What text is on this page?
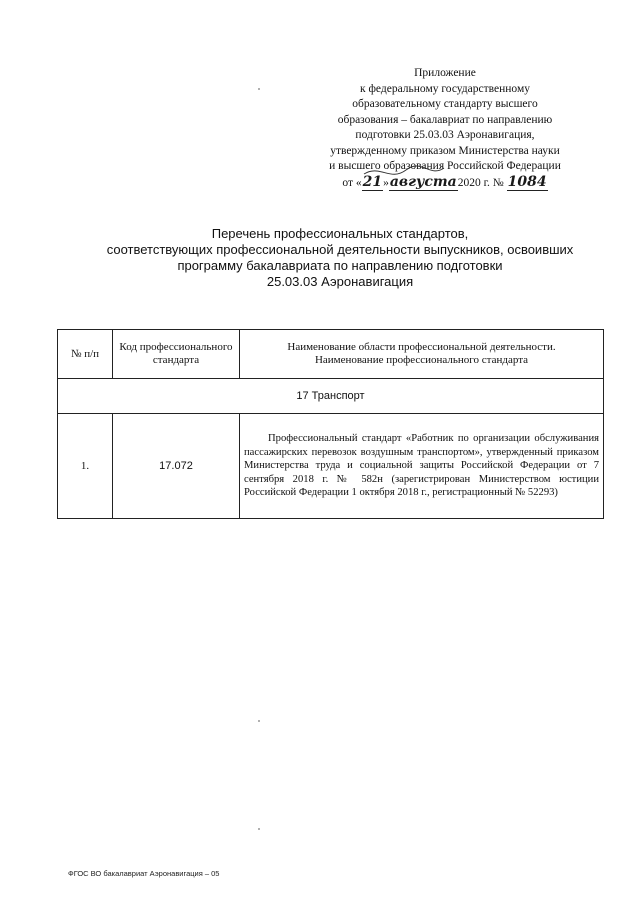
Приложение
к федеральному государственному
образовательному стандарту высшего
образования – бакалавриат по направлению
подготовки 25.03.03 Аэронавигация,
утвержденному приказом Министерства науки
и высшего образования Российской Федерации
от «21»августа2020 г. № 1084
Перечень профессиональных стандартов,
соответствующих профессиональной деятельности выпускников, освоивших
программу бакалавриата по направлению подготовки
25.03.03 Аэронавигация
№ п/п	Код профессионального стандарта	Наименование области профессиональной деятельности.
Наименование профессионального стандарта

17 Транспорт		
1.	17.072	Профессиональный стандарт «Работник по организации обслуживания пассажирских перевозок воздушным транспортом», утвержденный приказом Министерства труда и социальной защиты Российской Федерации от 7 сентября 2018 г. № 582н (зарегистрирован Министерством юстиции Российской Федерации 1 октября 2018 г., регистрационный № 52293)
ФГОС ВО бакалавриат Аэронавигация – 05
